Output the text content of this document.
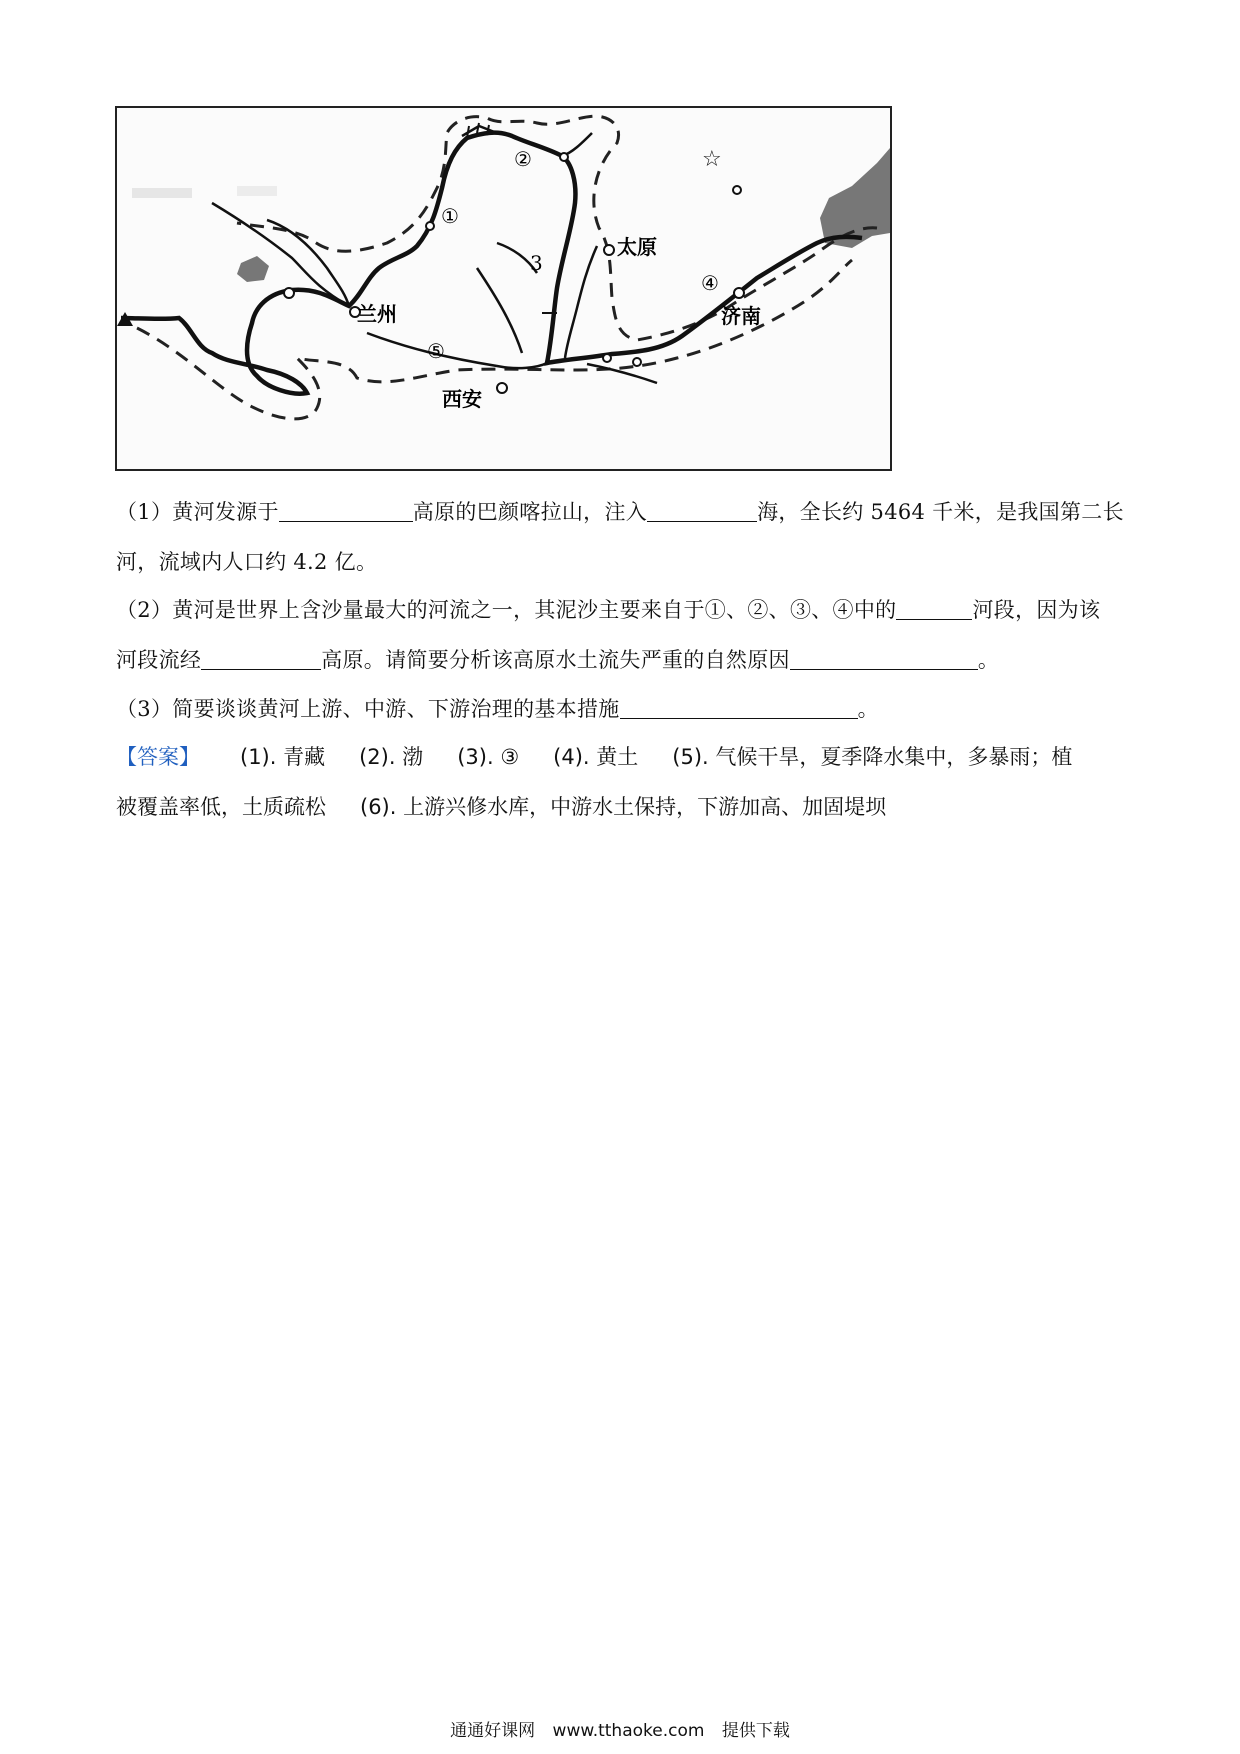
☆
①
②
3
④
⑤
太原
兰州	济南
西安
（1）黄河发源于	高原的巴颜喀拉山，注入	海，全长约 5464 千米，是我国第二长
河，流域内人口约 4.2 亿。
（2）黄河是世界上含沙量最大的河流之一，其泥沙主要来自于①、②、③、④中的	河段，因为该
河段流经	高原。请简要分析该高原水土流失严重的自然原因	。
（3）简要谈谈黄河上游、中游、下游治理的基本措施	。
【答案】 (1). 青藏 (2). 渤 (3). ③ (4). 黄土 (5). 气候干旱，夏季降水集中，多暴雨；植
被覆盖率低，土质疏松 (6). 上游兴修水库，中游水土保持，下游加高、加固堤坝
通通好课网 www.tthaoke.com 提供下载
